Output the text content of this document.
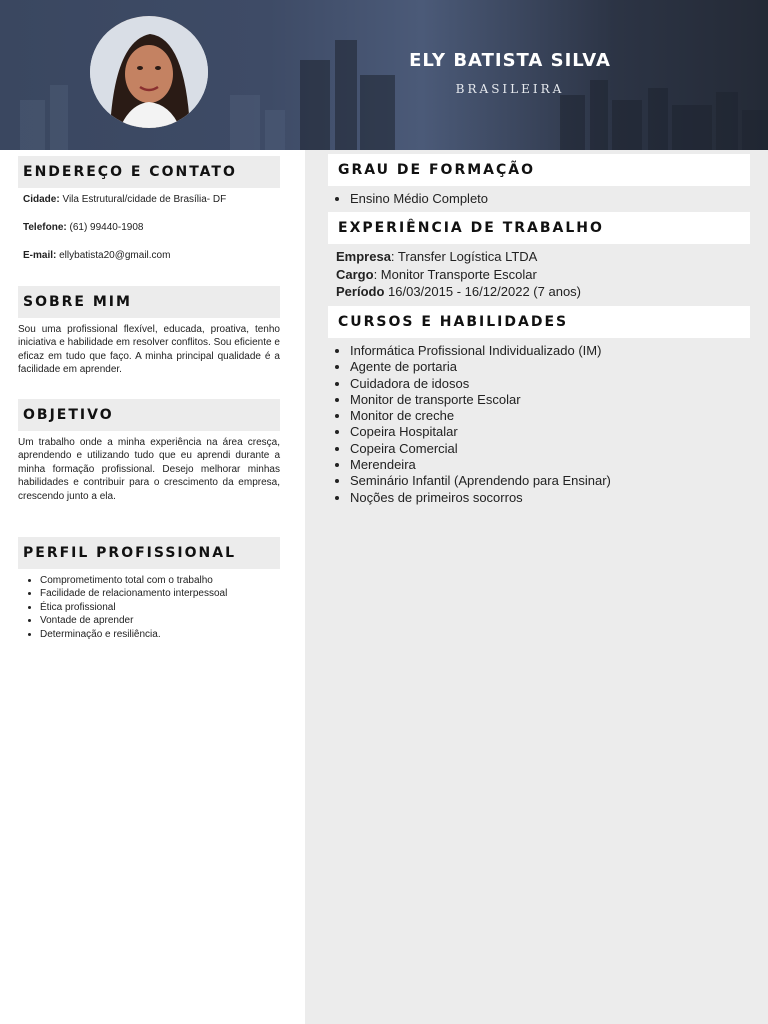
ELY BATISTA SILVA
BRASILEIRA
ENDEREÇO E CONTATO
Cidade: Vila Estrutural/cidade de Brasília- DF
Telefone: (61) 99440-1908
E-mail: ellybatista20@gmail.com
SOBRE MIM
Sou uma profissional flexível, educada, proativa, tenho iniciativa e habilidade em resolver conflitos. Sou eficiente e eficaz em tudo que faço. A minha principal qualidade é a facilidade em aprender.
OBJETIVO
Um trabalho onde a minha experiência na área cresça, aprendendo e utilizando tudo que eu aprendi durante a minha formação profissional. Desejo melhorar minhas habilidades e contribuir para o crescimento da empresa, crescendo junto a ela.
PERFIL PROFISSIONAL
• Comprometimento total com o trabalho
• Facilidade de relacionamento interpessoal
• Ética profissional
• Vontade de aprender
• Determinação e resiliência.
GRAU DE FORMAÇÃO
• Ensino Médio Completo
EXPERIÊNCIA DE TRABALHO
Empresa: Transfer Logística LTDA
Cargo: Monitor Transporte Escolar
Período 16/03/2015 - 16/12/2022 (7 anos)
CURSOS E HABILIDADES
• Informática Profissional Individualizado (IM)
• Agente de portaria
• Cuidadora de idosos
• Monitor de transporte Escolar
• Monitor de creche
• Copeira Hospitalar
• Copeira Comercial
• Merendeira
• Seminário Infantil (Aprendendo para Ensinar)
• Noções de primeiros socorros
